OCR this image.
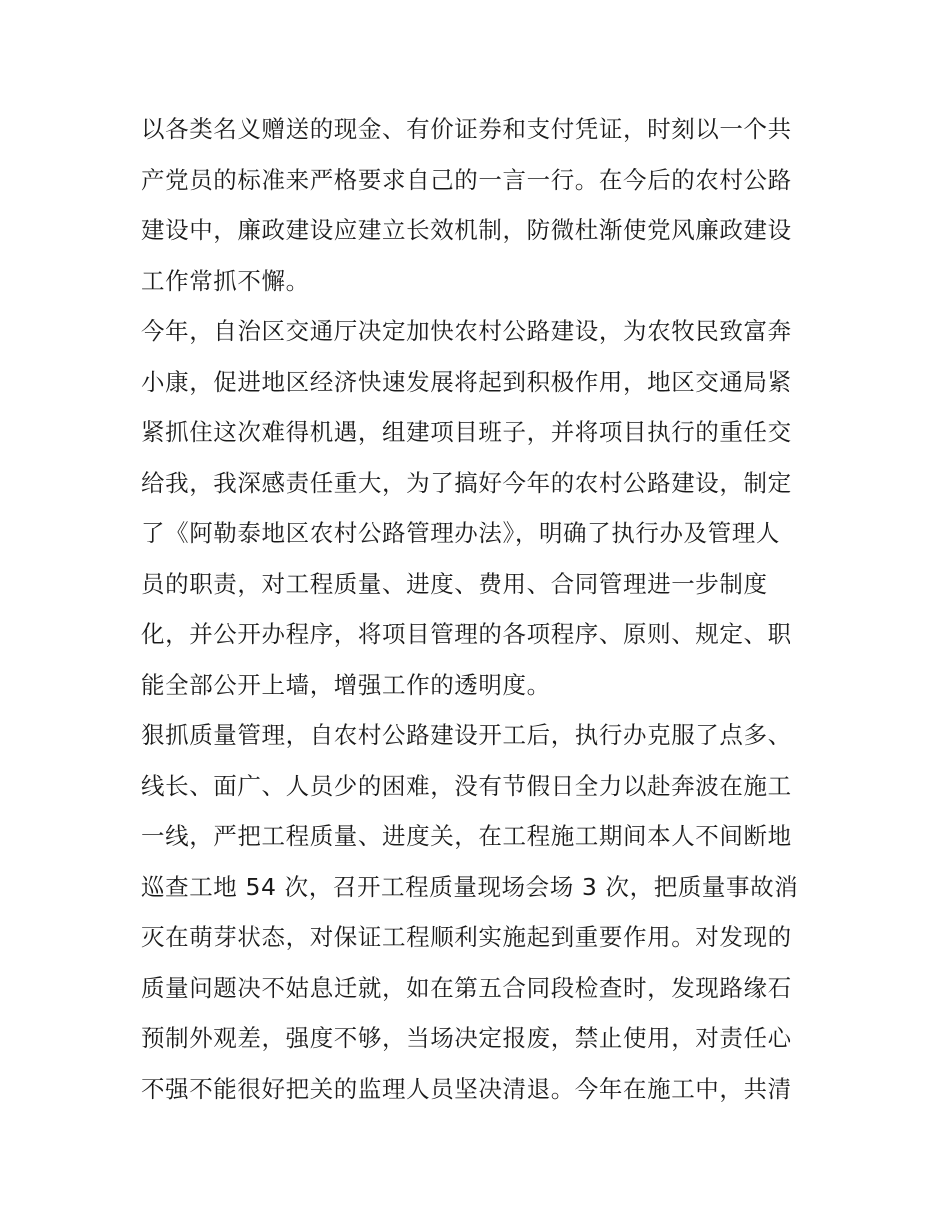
以各类名义赠送的现金、有价证券和支付凭证，时刻以一个共
产党员的标准来严格要求自己的一言一行。在今后的农村公路
建设中，廉政建设应建立长效机制，防微杜渐使党风廉政建设
工作常抓不懈。
今年，自治区交通厅决定加快农村公路建设，为农牧民致富奔
小康，促进地区经济快速发展将起到积极作用，地区交通局紧
紧抓住这次难得机遇，组建项目班子，并将项目执行的重任交
给我，我深感责任重大，为了搞好今年的农村公路建设，制定
了《阿勒泰地区农村公路管理办法》，明确了执行办及管理人
员的职责，对工程质量、进度、费用、合同管理进一步制度
化，并公开办程序，将项目管理的各项程序、原则、规定、职
能全部公开上墙，增强工作的透明度。
狠抓质量管理，自农村公路建设开工后，执行办克服了点多、
线长、面广、人员少的困难，没有节假日全力以赴奔波在施工
一线，严把工程质量、进度关，在工程施工期间本人不间断地
巡查工地 54 次，召开工程质量现场会场 3 次，把质量事故消
灭在萌芽状态，对保证工程顺利实施起到重要作用。对发现的
质量问题决不姑息迁就，如在第五合同段检查时，发现路缘石
预制外观差，强度不够，当场决定报废，禁止使用，对责任心
不强不能很好把关的监理人员坚决清退。今年在施工中，共清
